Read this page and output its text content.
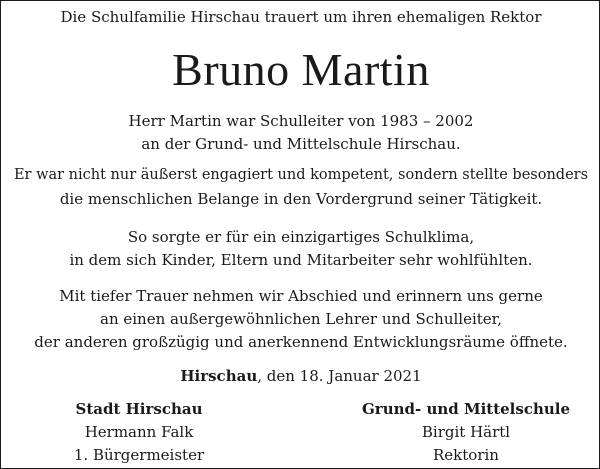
Die Schulfamilie Hirschau trauert um ihren ehemaligen Rektor
Bruno Martin
Herr Martin war Schulleiter von 1983 – 2002
an der Grund- und Mittelschule Hirschau.
Er war nicht nur äußerst engagiert und kompetent, sondern stellte besonders
die menschlichen Belange in den Vordergrund seiner Tätigkeit.
So sorgte er für ein einzigartiges Schulklima,
in dem sich Kinder, Eltern und Mitarbeiter sehr wohlfühlten.
Mit tiefer Trauer nehmen wir Abschied und erinnern uns gerne
an einen außergewöhnlichen Lehrer und Schulleiter,
der anderen großzügig und anerkennend Entwicklungsräume öffnete.
Hirschau, den 18. Januar 2021
Stadt Hirschau
Hermann Falk
1. Bürgermeister
Grund- und Mittelschule
Birgit Härtl
Rektorin
